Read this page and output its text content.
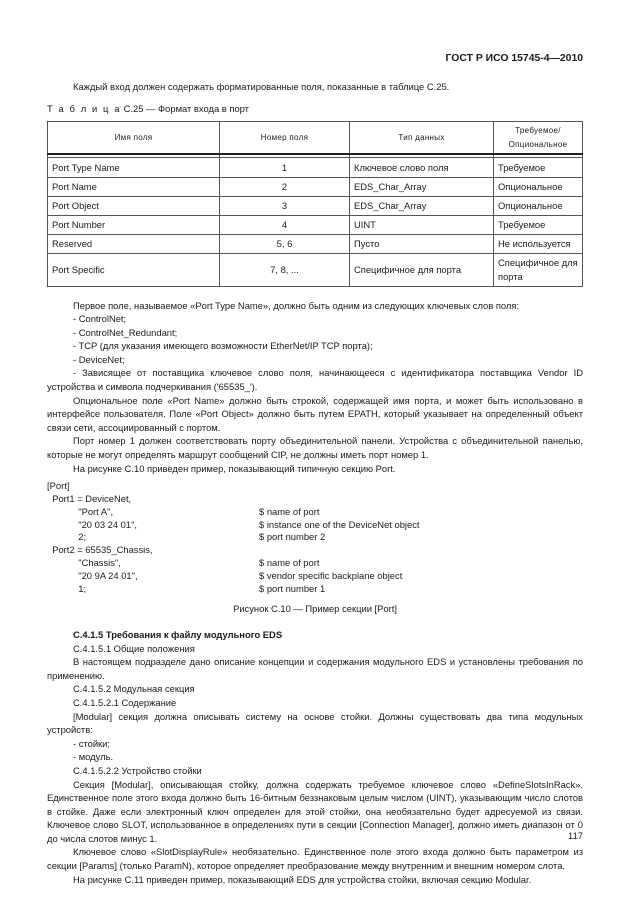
ГОСТ Р ИСО 15745-4—2010

Каждый вход должен содержать форматированные поля, показанные в таблице С.25.

Т а б л и ц а С.25 — Формат входа в порт
Имя поля	Номер поля	Тип данных	Требуемое/ Опциональное

Port Type Name	1	Ключевое слово поля	Требуемое
Port Name	2	EDS_Char_Array	Опциональное
Port Object	3	EDS_Char_Array	Опциональное
Port Number	4	UINT	Требуемое
Reserved	5, 6	Пусто	Не используется
Port Specific	7, 8, ...	Специфичное для порта	Специфичное для порта

Первое поле, называемое «Port Type Name», должно быть одним из следующих ключевых слов поля:

- ControlNet;

- ControlNet_Redundant;

- TCP (для указания имеющего возможности EtherNet/IP TCP порта);

- DeviceNet;

- Зависящее от поставщика ключевое слово поля, начинающееся с идентификатора поставщика Vendor ID устройства и символа подчеркивания ('65535_').

Опциональное поле «Port Name» должно быть строкой, содержащей имя порта, и может быть использовано в интерфейсе пользователя. Поле «Port Object» должно быть путем EPATH, который указывает на определенный объект связи сети, ассоциированный с портом.

Порт номер 1 должен соответствовать порту объединительной панели. Устройства с объединительной панелью, которые не могут определять маршрут сообщений CIP, не должны иметь порт номер 1.

На рисунке С.10 приведен пример, показывающий типичную секцию Port.

[Port]
Port1 = DeviceNet,
"Port A",	$ name of port
"20 03 24 01",	$ instance one of the DeviceNet object
2;	$ port number 2
Port2 = 65535_Chassis,
"Chassis",	$ name of port
"20 9A 24 01",	$ vendor specific backplane object
1;	$ port number 1

Рисунок С.10 — Пример секции [Port]

С.4.1.5 Требования к файлу модульного EDS

С.4.1.5.1 Общие положения

В настоящем подразделе дано описание концепции и содержания модульного EDS и установлены требования по применению.

С.4.1.5.2 Модульная секция

С.4.1.5.2.1 Содержание

[Modular] секция должна описывать систему на основе стойки. Должны существовать два типа модульных устройств:

- стойки;

- модуль.

С.4.1.5.2.2 Устройство стойки

Секция [Modular], описывающая стойку, должна содержать требуемое ключевое слово «DefineSlotsInRack». Единственное поле этого входа должно быть 16-битным беззнаковым целым числом (UINT), указывающим число слотов в стойке. Даже если электронный ключ определен для этой стойки, она необязательно будет адресуемой из связи. Ключевое слово SLOT, использованное в определениях пути в секции [Connection Manager], должно иметь диапазон от 0 до числа слотов минус 1.

Ключевое слово «SlotDisplayRule» необязательно. Единственное поле этого входа должно быть параметром из секции [Params] (только ParamN), которое определяет преобразование между внутренним и внешним номером слота.

На рисунке С.11 приведен пример, показывающий EDS для устройства стойки, включая секцию Modular.

117
